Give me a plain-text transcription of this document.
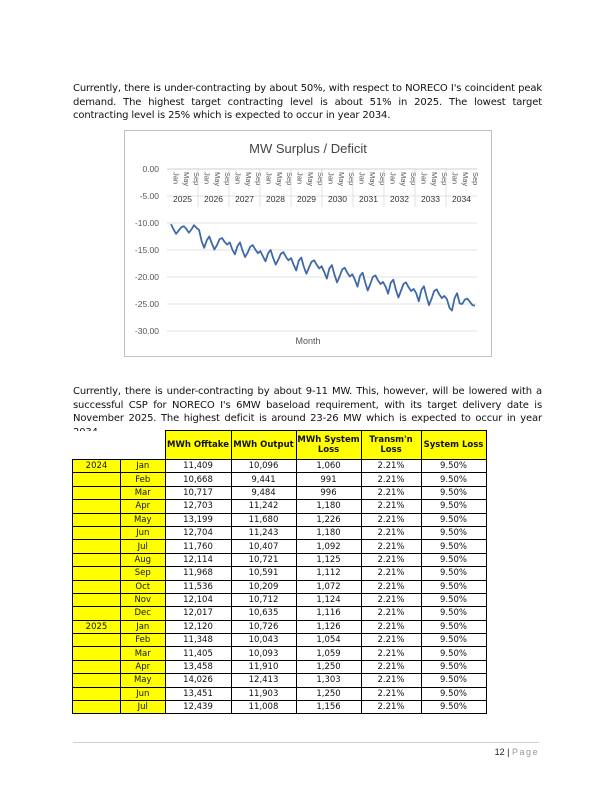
Currently, there is under-contracting by about 50%, with respect to NORECO I's coincident peak demand. The highest target contracting level is about 51% in 2025. The lowest target contracting level is 25% which is expected to occur in year 2034.

MW Surplus / Deficit
0.00
-5.00
-10.00
-15.00
-20.00
-25.00
-30.00
Jan May Sep
2025
Jan May Sep
2026
Jan May Sep
2027
Jan May Sep
2028
Jan May Sep
2029
Jan May Sep
2030
Jan May Sep
2031
Jan May Sep
2032
Jan May Sep
2033
Jan May Sep
2034
Month

Currently, there is under-contracting by about 9-11 MW. This, however, will be lowered with a successful CSP for NORECO I's 6MW baseload requirement, with its target delivery date is November 2025. The highest deficit is around 23-26 MW which is expected to occur in year

		MWh Offtake	MWh Output	MWh System Loss	Transm'n Loss	System Loss
2024	Jan	11,409	10,096	1,060	2.21%	9.50%
	Feb	10,668	9,441	991	2.21%	9.50%
	Mar	10,717	9,484	996	2.21%	9.50%
	Apr	12,703	11,242	1,180	2.21%	9.50%
	May	13,199	11,680	1,226	2.21%	9.50%
	Jun	12,704	11,243	1,180	2.21%	9.50%
	Jul	11,760	10,407	1,092	2.21%	9.50%
	Aug	12,114	10,721	1,125	2.21%	9.50%
	Sep	11,968	10,591	1,112	2.21%	9.50%
	Oct	11,536	10,209	1,072	2.21%	9.50%
	Nov	12,104	10,712	1,124	2.21%	9.50%
	Dec	12,017	10,635	1,116	2.21%	9.50%
2025	Jan	12,120	10,726	1,126	2.21%	9.50%
	Feb	11,348	10,043	1,054	2.21%	9.50%
	Mar	11,405	10,093	1,059	2.21%	9.50%
	Apr	13,458	11,910	1,250	2.21%	9.50%
	May	14,026	12,413	1,303	2.21%	9.50%
	Jun	13,451	11,903	1,250	2.21%	9.50%
	Jul	12,439	11,008	1,156	2.21%	9.50%
12 | Page
